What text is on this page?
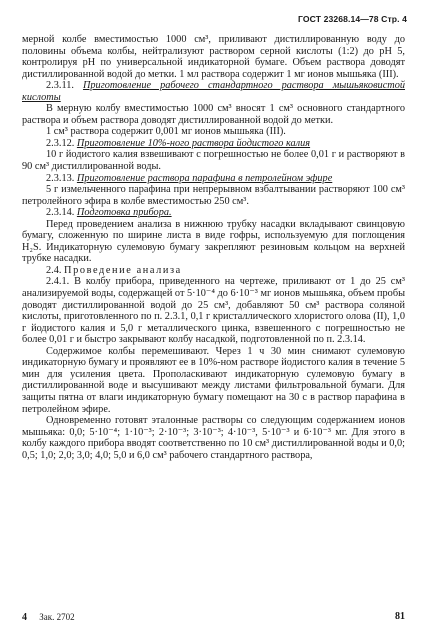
ГОСТ 23268.14—78 Стр. 4

мерной колбе вместимостью 1000 см³, приливают дистиллированную воду до половины объема колбы, нейтрализуют раствором серной кислоты (1:2) до pH 5, контролируя pH по универсальной индикаторной бумаге. Объем раствора доводят дистиллированной водой до метки. 1 мл раствора содержит 1 мг ионов мышьяка (III).

2.3.11. Приготовление рабочего стандартного раствора мышьяковистой кислоты

В мерную колбу вместимостью 1000 см³ вносят 1 см³ основного стандартного раствора и объем раствора доводят дистиллированной водой до метки.

1 см³ раствора содержит 0,001 мг ионов мышьяка (III).

2.3.12. Приготовление 10%-ного раствора йодистого калия

10 г йодистого калия взвешивают с погрешностью не более 0,01 г и растворяют в 90 см³ дистиллированной воды.

2.3.13. Приготовление раствора парафина в петролейном эфире

5 г измельченного парафина при непрерывном взбалтывании растворяют 100 см³ петролейного эфира в колбе вместимостью 250 см³.

2.3.14. Подготовка прибора.

Перед проведением анализа в нижнюю трубку насадки вкладывают свинцовую бумагу, сложенную по ширине листа в виде гофры, используемую для поглощения H₂S. Индикаторную сулемовую бумагу закрепляют резиновым кольцом на верхней трубке насадки.

2.4. Проведение анализа

2.4.1. В колбу прибора, приведенного на чертеже, приливают от 1 до 25 см³ анализируемой воды, содержащей от 5·10⁻⁴ до 6·10⁻³ мг ионов мышьяка, объем пробы доводят дистиллированной водой до 25 см³, добавляют 50 см³ раствора соляной кислоты, приготовленного по п. 2.3.1, 0,1 г кристаллического хлористого олова (II), 1,0 г йодистого калия и 5,0 г металлического цинка, взвешенного с погрешностью не более 0,01 г и быстро закрывают колбу насадкой, подготовленной по п. 2.3.14.

Содержимое колбы перемешивают. Через 1 ч 30 мин снимают сулемовую индикаторную бумагу и проявляют ее в 10%-ном растворе йодистого калия в течение 5 мин для усиления цвета. Прополаскивают индикаторную сулемовую бумагу в дистиллированной воде и высушивают между листами фильтровальной бумаги. Для защиты пятна от влаги индикаторную бумагу помещают на 30 с в раствор парафина в петролейном эфире.

Одновременно готовят эталонные растворы со следующим содержанием ионов мышьяка: 0,0; 5·10⁻⁴; 1·10⁻³; 2·10⁻³; 3·10⁻³; 4·10⁻³, 5·10⁻³ и 6·10⁻³ мг. Для этого в колбу каждого прибора вводят соответственно по 10 см³ дистиллированной воды и 0,0; 0,5; 1,0; 2,0; 3,0; 4,0; 5,0 и 6,0 см³ рабочего стандартного раствора,

4 Зак. 2702	81
